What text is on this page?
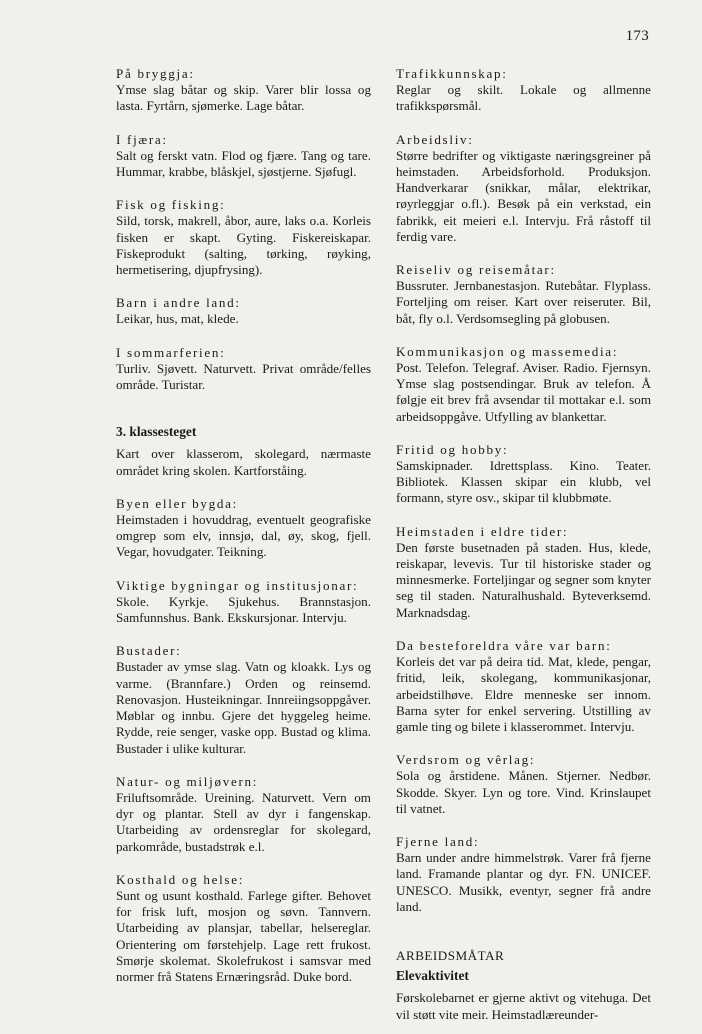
173
På bryggja:
Ymse slag båtar og skip. Varer blir lossa og lasta. Fyrtårn, sjømerke. Lage båtar.
I fjæra:
Salt og ferskt vatn. Flod og fjære. Tang og tare. Hummar, krabbe, blåskjel, sjøstjerne. Sjøfugl.
Fisk og fisking:
Sild, torsk, makrell, åbor, aure, laks o.a. Korleis fisken er skapt. Gyting. Fiskereiskapar. Fiskeprodukt (salting, tørking, røyking, hermetisering, djupfrysing).
Barn i andre land:
Leikar, hus, mat, klede.
I sommarferien:
Turliv. Sjøvett. Naturvett. Privat område/felles område. Turistar.
3. klassesteget
Kart over klasserom, skolegard, nærmaste området kring skolen. Kartforståing.
Byen eller bygda:
Heimstaden i hovuddrag, eventuelt geografiske omgrep som elv, innsjø, dal, øy, skog, fjell. Vegar, hovudgater. Teikning.
Viktige bygningar og institusjonar:
Skole. Kyrkje. Sjukehus. Brannstasjon. Samfunnshus. Bank. Ekskursjonar. Intervju.
Bustader:
Bustader av ymse slag. Vatn og kloakk. Lys og varme. (Brannfare.) Orden og reinsemd. Renovasjon. Husteikningar. Innreiingsoppgåver. Møblar og innbu. Gjere det hyggeleg heime. Rydde, reie senger, vaske opp. Bustad og klima. Bustader i ulike kulturar.
Natur- og miljøvern:
Friluftsområde. Ureining. Naturvett. Vern om dyr og plantar. Stell av dyr i fangenskap. Utarbeiding av ordensreglar for skolegard, parkområde, bustadstrøk e.l.
Kosthald og helse:
Sunt og usunt kosthald. Farlege gifter. Behovet for frisk luft, mosjon og søvn. Tannvern. Utarbeiding av plansjar, tabellar, helsereglar. Orientering om førstehjelp. Lage rett frukost. Smørje skolemat. Skolefrukost i samsvar med normer frå Statens Ernæringsråd. Duke bord.
Trafikkunnskap:
Reglar og skilt. Lokale og allmenne trafikkspørsmål.
Arbeidsliv:
Større bedrifter og viktigaste næringsgreiner på heimstaden. Arbeidsforhold. Produksjon. Handverkarar (snikkar, målar, elektrikar, røyrleggjar o.fl.). Besøk på ein verkstad, ein fabrikk, eit meieri e.l. Intervju. Frå råstoff til ferdig vare.
Reiseliv og reisemåtar:
Bussruter. Jernbanestasjon. Rutebåtar. Flyplass. Forteljing om reiser. Kart over reiseruter. Bil, båt, fly o.l. Verdsomsegling på globusen.
Kommunikasjon og massemedia:
Post. Telefon. Telegraf. Aviser. Radio. Fjernsyn. Ymse slag postsendingar. Bruk av telefon. Å følgje eit brev frå avsendar til mottakar e.l. som arbeidsoppgåve. Utfylling av blankettar.
Fritid og hobby:
Samskipnader. Idrettsplass. Kino. Teater. Bibliotek. Klassen skipar ein klubb, vel formann, styre osv., skipar til klubbmøte.
Heimstaden i eldre tider:
Den første busetnaden på staden. Hus, klede, reiskapar, levevis. Tur til historiske stader og minnesmerke. Forteljingar og segner som knyter seg til staden. Naturalhushald. Byteverksemd. Marknadsdag.
Da besteforeldra våre var barn:
Korleis det var på deira tid. Mat, klede, pengar, fritid, leik, skolegang, kommunikasjonar, arbeidstilhøve. Eldre menneske ser innom. Barna syter for enkel servering. Utstilling av gamle ting og bilete i klasserommet. Intervju.
Verdsrom og vêrlag:
Sola og årstidene. Månen. Stjerner. Nedbør. Skodde. Skyer. Lyn og tore. Vind. Krinslaupet til vatnet.
Fjerne land:
Barn under andre himmelstrøk. Varer frå fjerne land. Framande plantar og dyr. FN. UNICEF. UNESCO. Musikk, eventyr, segner frå andre land.
ARBEIDSMÅTAR
Elevaktivitet
Førskolebarnet er gjerne aktivt og vitehuga. Det vil støtt vite meir. Heimstadlæreunder-
